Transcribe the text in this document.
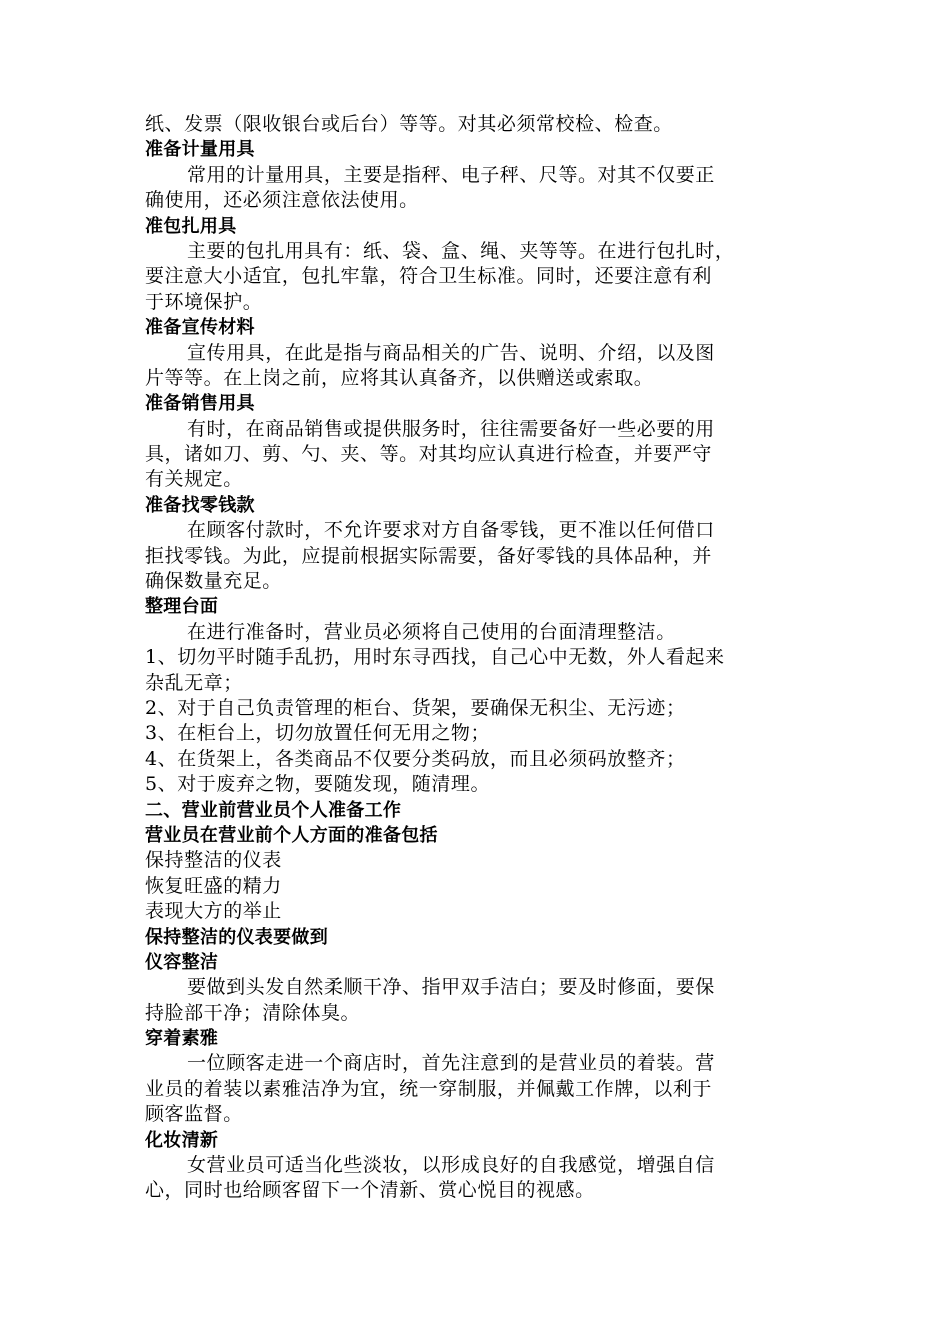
纸、发票（限收银台或后台）等等。对其必须常校检、检查。
准备计量用具
常用的计量用具，主要是指秤、电子秤、尺等。对其不仅要正
确使用，还必须注意依法使用。
准包扎用具
主要的包扎用具有：纸、袋、盒、绳、夹等等。在进行包扎时，
要注意大小适宜，包扎牢靠，符合卫生标准。同时，还要注意有利
于环境保护。
准备宣传材料
宣传用具，在此是指与商品相关的广告、说明、介绍，以及图
片等等。在上岗之前，应将其认真备齐，以供赠送或索取。
准备销售用具
有时，在商品销售或提供服务时，往往需要备好一些必要的用
具，诸如刀、剪、勺、夹、等。对其均应认真进行检查，并要严守
有关规定。
准备找零钱款
在顾客付款时，不允许要求对方自备零钱，更不准以任何借口
拒找零钱。为此，应提前根据实际需要，备好零钱的具体品种，并
确保数量充足。
整理台面
在进行准备时，营业员必须将自己使用的台面清理整洁。
1、切勿平时随手乱扔，用时东寻西找，自己心中无数，外人看起来
杂乱无章；
2、对于自己负责管理的柜台、货架，要确保无积尘、无污迹；
3、在柜台上，切勿放置任何无用之物；
4、在货架上，各类商品不仅要分类码放，而且必须码放整齐；
5、对于废弃之物，要随发现，随清理。
二、营业前营业员个人准备工作
营业员在营业前个人方面的准备包括
保持整洁的仪表
恢复旺盛的精力
表现大方的举止
保持整洁的仪表要做到
仪容整洁
要做到头发自然柔顺干净、指甲双手洁白；要及时修面，要保
持脸部干净；清除体臭。
穿着素雅
一位顾客走进一个商店时，首先注意到的是营业员的着装。营
业员的着装以素雅洁净为宜，统一穿制服，并佩戴工作牌，以利于
顾客监督。
化妆清新
女营业员可适当化些淡妆，以形成良好的自我感觉，增强自信
心，同时也给顾客留下一个清新、赏心悦目的视感。
